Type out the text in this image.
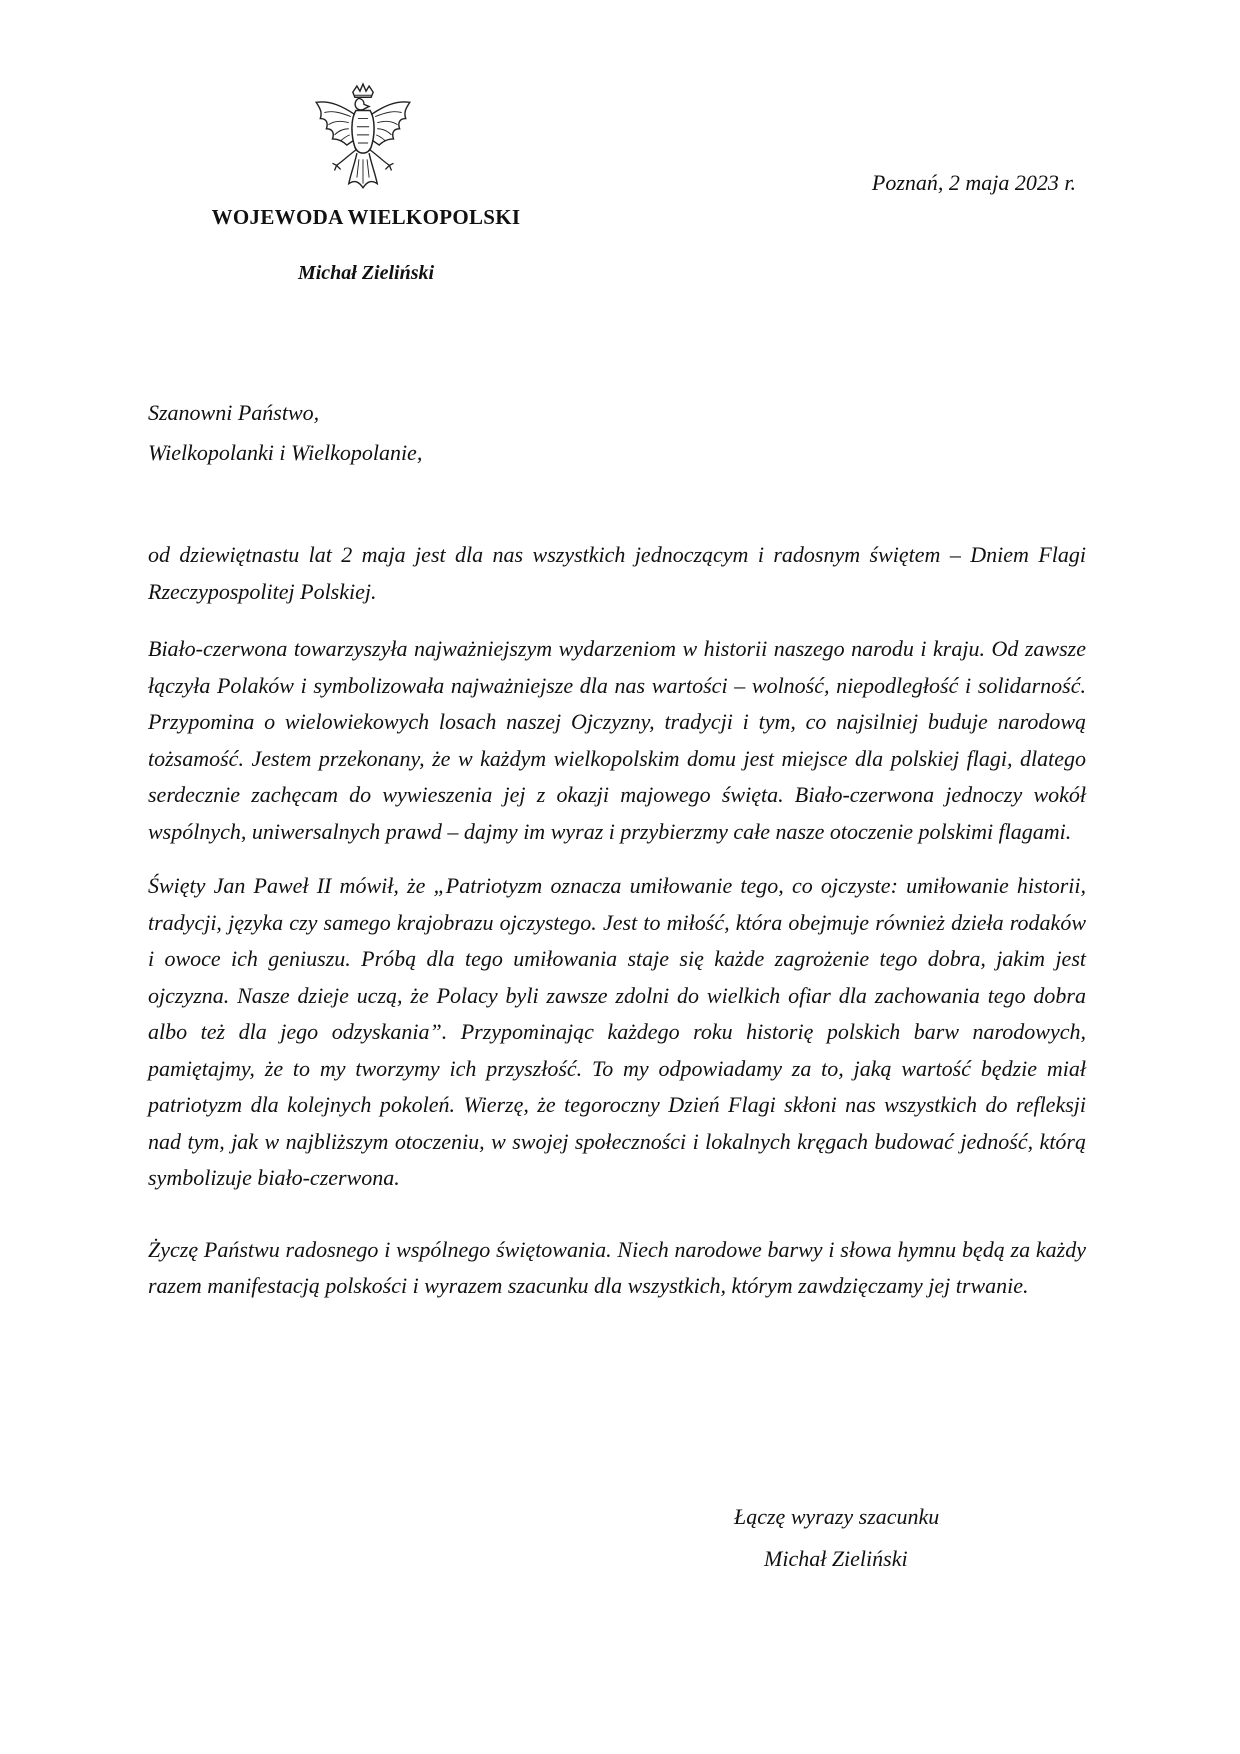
Poznań, 2 maja 2023 r.
WOJEWODA WIELKOPOLSKI
Michał Zieliński
Szanowni Państwo,
Wielkopolanki i Wielkopolanie,

od dziewiętnastu lat 2 maja jest dla nas wszystkich jednoczącym i radosnym świętem – Dniem Flagi Rzeczypospolitej Polskiej.

Biało-czerwona towarzyszyła najważniejszym wydarzeniom w historii naszego narodu i kraju. Od zawsze łączyła Polaków i symbolizowała najważniejsze dla nas wartości – wolność, niepodległość i solidarność. Przypomina o wielowiekowych losach naszej Ojczyzny, tradycji i tym, co najsilniej buduje narodową tożsamość. Jestem przekonany, że w każdym wielkopolskim domu jest miejsce dla polskiej flagi, dlatego serdecznie zachęcam do wywieszenia jej z okazji majowego święta. Biało-czerwona jednoczy wokół wspólnych, uniwersalnych prawd – dajmy im wyraz i przybierzmy całe nasze otoczenie polskimi flagami.

Święty Jan Paweł II mówił, że „Patriotyzm oznacza umiłowanie tego, co ojczyste: umiłowanie historii, tradycji, języka czy samego krajobrazu ojczystego. Jest to miłość, która obejmuje również dzieła rodaków i owoce ich geniuszu. Próbą dla tego umiłowania staje się każde zagrożenie tego dobra, jakim jest ojczyzna. Nasze dzieje uczą, że Polacy byli zawsze zdolni do wielkich ofiar dla zachowania tego dobra albo też dla jego odzyskania”. Przypominając każdego roku historię polskich barw narodowych, pamiętajmy, że to my tworzymy ich przyszłość. To my odpowiadamy za to, jaką wartość będzie miał patriotyzm dla kolejnych pokoleń. Wierzę, że tegoroczny Dzień Flagi skłoni nas wszystkich do refleksji nad tym, jak w najbliższym otoczeniu, w swojej społeczności i lokalnych kręgach budować jedność, którą symbolizuje biało-czerwona.

Życzę Państwu radosnego i wspólnego świętowania. Niech narodowe barwy i słowa hymnu będą za każdy razem manifestacją polskości i wyrazem szacunku dla wszystkich, którym zawdzięczamy jej trwanie.

Łączę wyrazy szacunku
Michał Zieliński
